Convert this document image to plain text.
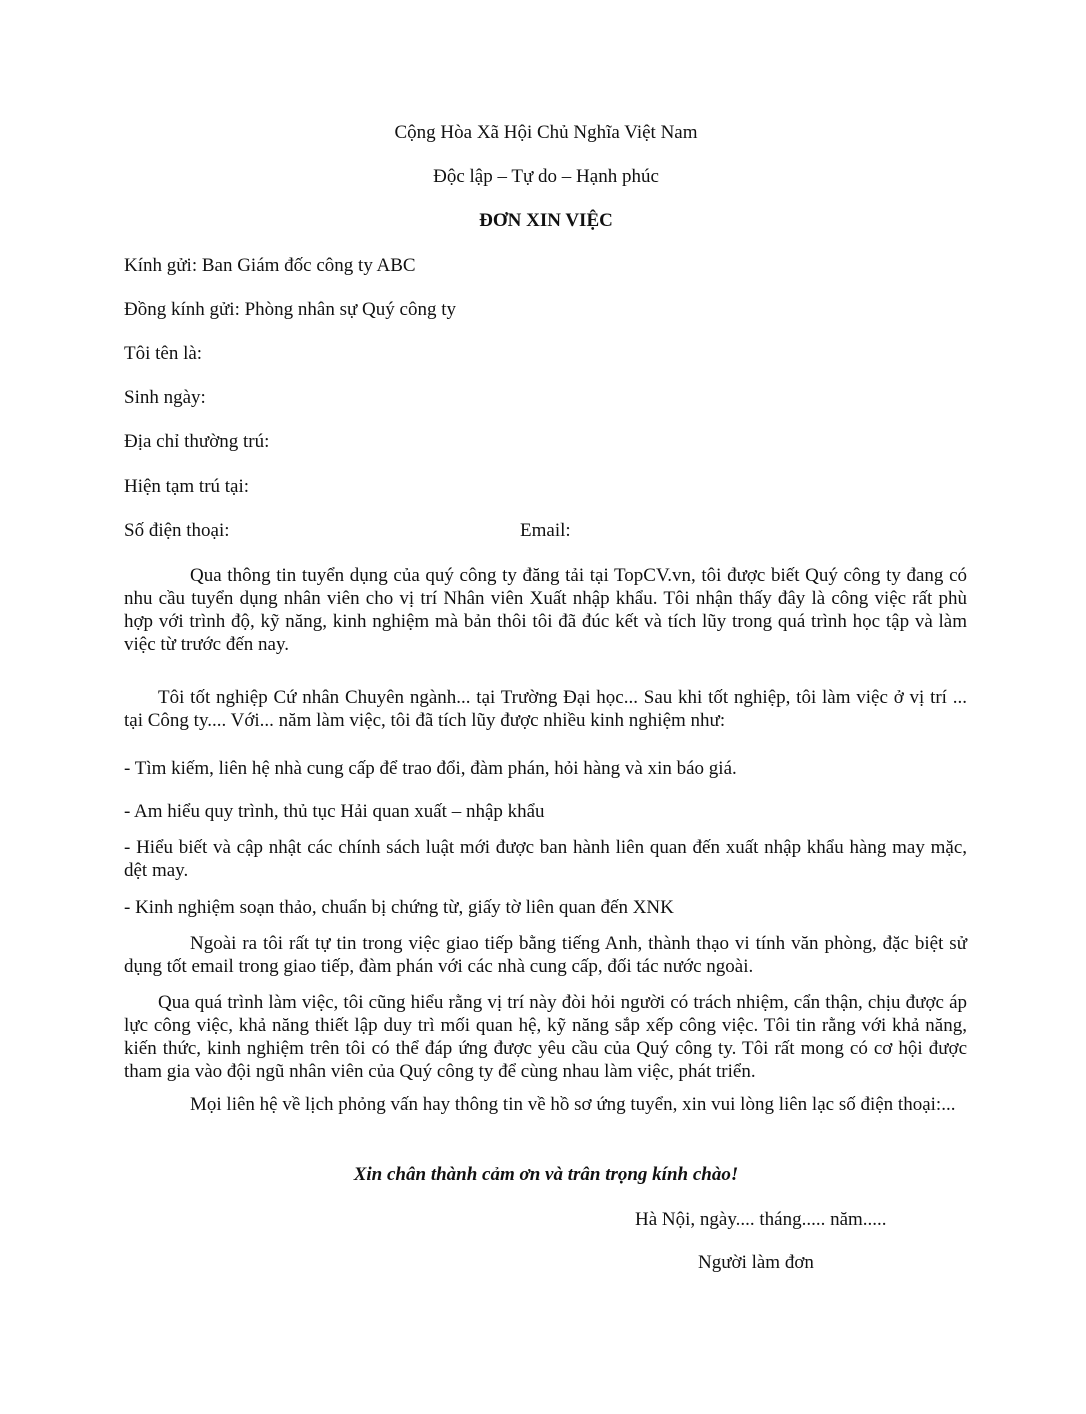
Cộng Hòa Xã Hội Chủ Nghĩa Việt Nam
Độc lập – Tự do – Hạnh phúc
ĐƠN XIN VIỆC
Kính gửi: Ban Giám đốc công ty ABC
Đồng kính gửi: Phòng nhân sự Quý công ty
Tôi tên là:
Sinh ngày:
Địa chỉ thường trú:
Hiện tạm trú tại:
Số điện thoại:	Email:
Qua thông tin tuyển dụng của quý công ty đăng tải tại TopCV.vn, tôi được biết Quý công ty đang có nhu cầu tuyển dụng nhân viên cho vị trí Nhân viên Xuất nhập khẩu. Tôi nhận thấy đây là công việc rất phù hợp với trình độ, kỹ năng, kinh nghiệm mà bản thôi tôi đã đúc kết và tích lũy trong quá trình học tập và làm việc từ trước đến nay.
Tôi tốt nghiệp Cứ nhân Chuyên ngành... tại Trường Đại học... Sau khi tốt nghiệp, tôi làm việc ở vị trí ... tại Công ty.... Với... năm làm việc, tôi đã tích lũy được nhiều kinh nghiệm như:
- Tìm kiếm, liên hệ nhà cung cấp để trao đổi, đàm phán, hỏi hàng và xin báo giá.
- Am hiểu quy trình, thủ tục Hải quan xuất – nhập khẩu
- Hiểu biết và cập nhật các chính sách luật mới được ban hành liên quan đến xuất nhập khẩu hàng may mặc, dệt may.
- Kinh nghiệm soạn thảo, chuẩn bị chứng từ, giấy tờ liên quan đến XNK
Ngoài ra tôi rất tự tin trong việc giao tiếp bằng tiếng Anh, thành thạo vi tính văn phòng, đặc biệt sử dụng tốt email trong giao tiếp, đàm phán với các nhà cung cấp, đối tác nước ngoài.
Qua quá trình làm việc, tôi cũng hiểu rằng vị trí này đòi hỏi người có trách nhiệm, cẩn thận, chịu được áp lực công việc, khả năng thiết lập duy trì mối quan hệ, kỹ năng sắp xếp công việc. Tôi tin rằng với khả năng, kiến thức, kinh nghiệm trên tôi có thể đáp ứng được yêu cầu của Quý công ty. Tôi rất mong có cơ hội được tham gia vào đội ngũ nhân viên của Quý công ty để cùng nhau làm việc, phát triển.
Mọi liên hệ về lịch phỏng vấn hay thông tin về hồ sơ ứng tuyển, xin vui lòng liên lạc số điện thoại:...
Xin chân thành cảm ơn và trân trọng kính chào!
Hà Nội, ngày.... tháng..... năm.....
Người làm đơn
